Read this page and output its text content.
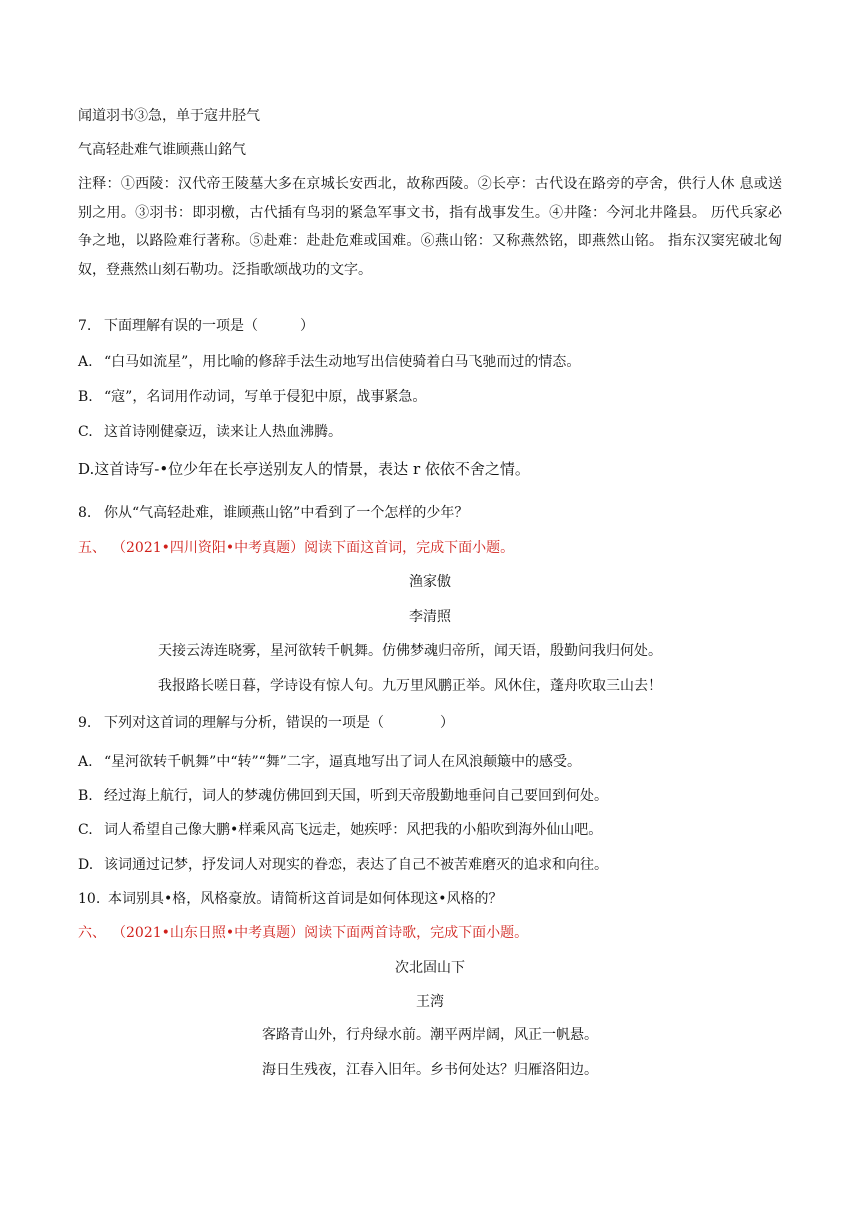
闻道羽书③急，单于寇井胫气
气高轻赴难气谁顾燕山銘气
注释：①西陵：汉代帝王陵墓大多在京城长安西北，故称西陵。②长亭：古代设在路旁的亭舍，供行人休 息或送别之用。③羽书：即羽檄，古代插有鸟羽的紧急军事文书，指有战事发生。④井隆：今河北井隆县。 历代兵家必争之地，以路险难行著称。⑤赴难：赴赴危难或国难。⑥燕山铭：又称燕然铭，即燕然山铭。 指东汉窦宪破北匈奴，登燕然山刻石勒功。泛指歌颂战功的文字。
7. 下面理解有误的一项是（　　　）
A. “白马如流星”，用比喻的修辞手法生动地写出信使骑着白马飞驰而过的情态。
B. “寇”，名词用作动词，写单于侵犯中原，战事紧急。
C. 这首诗刚健豪迈，读来让人热血沸腾。
D.这首诗写-•位少年在长亭送别友人的情景，表达 r 依依不舍之情。
8. 你从“气高轻赴难，谁顾燕山铭”中看到了一个怎样的少年？
五、 （2021•四川资阳•中考真题）阅读下面这首词，完成下面小题。
渔家傲
李清照
天接云涛连晓雾，星河欲转千帆舞。仿佛梦魂归帝所，闻天语，殷勤问我归何处。
我报路长嗟日暮，学诗设有惊人句。九万里风鹏正举。风休住，蓬舟吹取三山去！
9. 下列对这首词的理解与分析，错误的一项是（　　　　）
A. “星河欲转千帆舞”中“转”“舞”二字，逼真地写出了词人在风浪颠簸中的感受。
B. 经过海上航行，词人的梦魂仿佛回到天国，听到天帝殷勤地垂问自己要回到何处。
C. 词人希望自己像大鹏•样乘风高飞远走，她疾呼：风把我的小船吹到海外仙山吧。
D. 该词通过记梦，抒发词人对现实的眷恋，表达了自己不被苦难磨灭的追求和向往。
10. 本词别具•格，风格豪放。请简析这首词是如何体现这•风格的？
六、 （2021•山东日照•中考真题）阅读下面两首诗歌，完成下面小题。
次北固山下
王湾
客路青山外，行舟绿水前。潮平两岸阔，风正一帆悬。
海日生残夜，江春入旧年。乡书何处达？归雁洛阳边。
